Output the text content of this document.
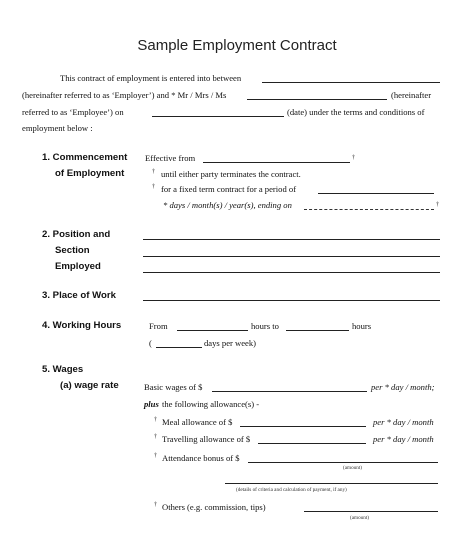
Sample Employment Contract
This contract of employment is entered into between
(hereinafter referred to as ‘Employer’) and * Mr / Mrs / Ms	(hereinafter
referred to as ‘Employee’) on	(date) under the terms and conditions of
employment below :
1. Commencement
of Employment
Effective from	†
† until either party terminates the contract.
† for a fixed term contract for a period of
* days / month(s) / year(s), ending on	†
2. Position and
Section
Employed
3. Place of Work
4. Working Hours	From	hours to	hours
(	days per week)
5. Wages
(a) wage rate	Basic wages of $	per * day / month;
plus the following allowance(s) -
† Meal allowance of $	per * day / month
† Travelling allowance of $	per * day / month
† Attendance bonus of $
(amount)
(details of criteria and calculation of payment, if any)
† Others (e.g. commission, tips)
(amount)
